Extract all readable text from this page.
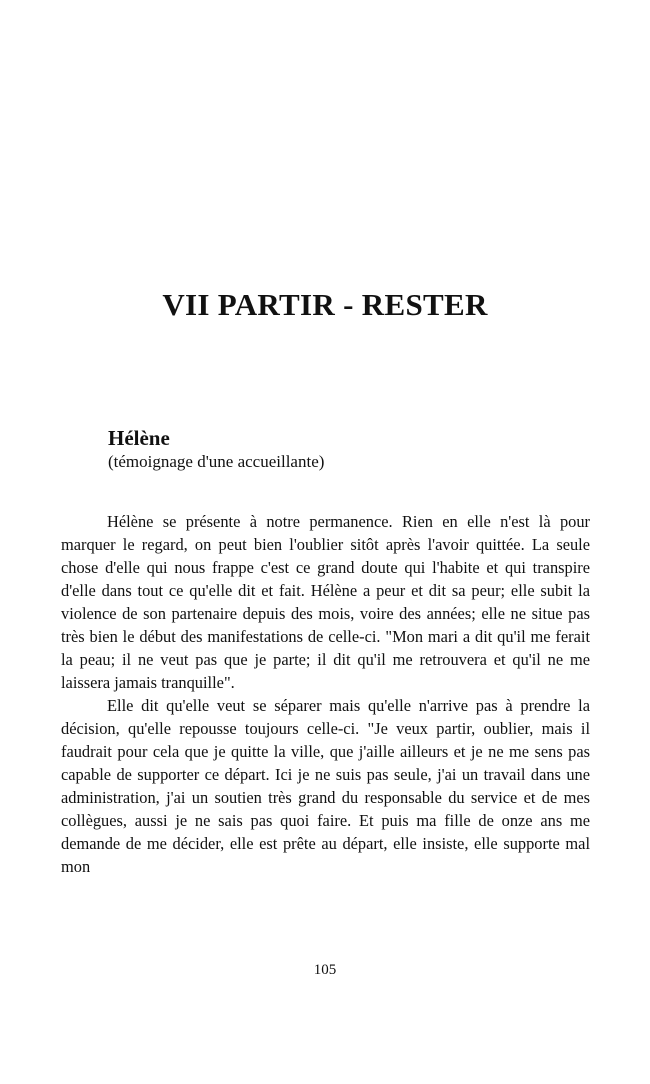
VII PARTIR - RESTER
Hélène
(témoignage d'une accueillante)

Hélène se présente à notre permanence. Rien en elle n'est là pour marquer le regard, on peut bien l'oublier sitôt après l'avoir quittée. La seule chose d'elle qui nous frappe c'est ce grand doute qui l'habite et qui transpire d'elle dans tout ce qu'elle dit et fait. Hélène a peur et dit sa peur; elle subit la violence de son partenaire depuis des mois, voire des années; elle ne situe pas très bien le début des manifestations de celle-ci. "Mon mari a dit qu'il me ferait la peau; il ne veut pas que je parte; il dit qu'il me retrouvera et qu'il ne me laissera jamais tranquille".

Elle dit qu'elle veut se séparer mais qu'elle n'arrive pas à prendre la décision, qu'elle repousse toujours celle-ci. "Je veux partir, oublier, mais il faudrait pour cela que je quitte la ville, que j'aille ailleurs et je ne me sens pas capable de supporter ce départ. Ici je ne suis pas seule, j'ai un travail dans une administration, j'ai un soutien très grand du responsable du service et de mes collègues, aussi je ne sais pas quoi faire. Et puis ma fille de onze ans me demande de me décider, elle est prête au départ, elle insiste, elle supporte mal mon

105
